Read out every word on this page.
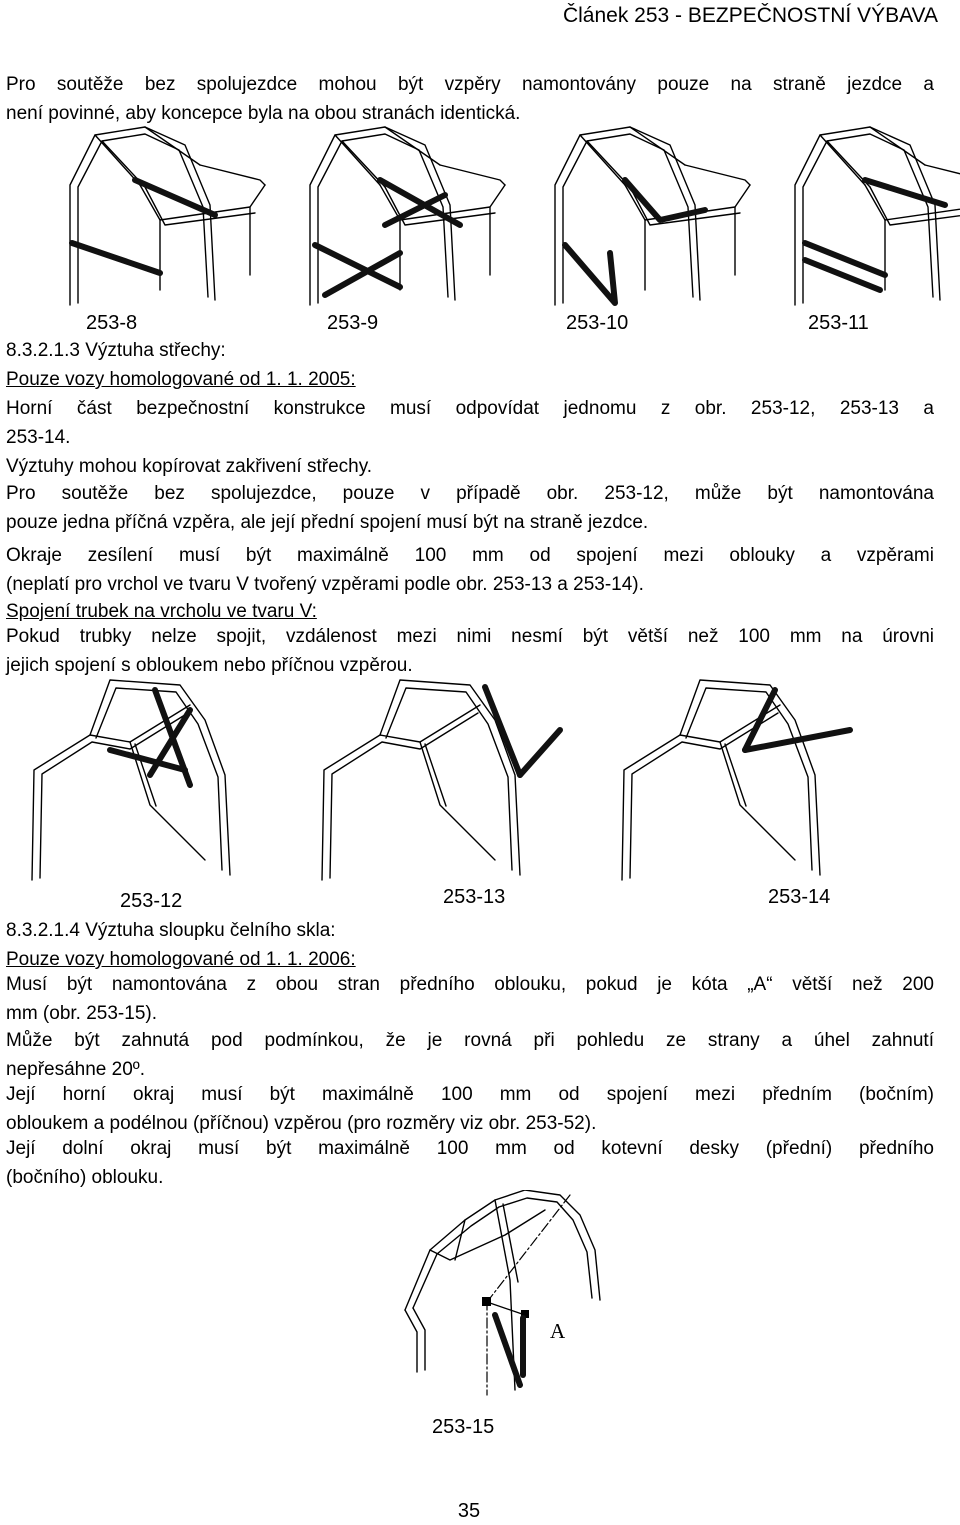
Článek 253 - BEZPEČNOSTNÍ VÝBAVA
Pro soutěže bez spolujezdce mohou být vzpěry namontovány pouze na straně jezdce a
není povinné, aby koncepce byla na obou stranách identická.
253-8	253-9	253-10	253-11
8.3.2.1.3 Výztuha střechy:
Pouze vozy homologované od 1. 1. 2005:
Horní část bezpečnostní konstrukce musí odpovídat jednomu z obr. 253-12, 253-13 a
253-14.
Výztuhy mohou kopírovat zakřivení střechy.
Pro soutěže bez spolujezdce, pouze v případě obr. 253-12, může být namontována
pouze jedna příčná vzpěra, ale její přední spojení musí být na straně jezdce.
Okraje zesílení musí být maximálně 100 mm od spojení mezi oblouky a vzpěrami
(neplatí pro vrchol ve tvaru V tvořený vzpěrami podle obr. 253-13 a 253-14).
Spojení trubek na vrcholu ve tvaru V:
Pokud trubky nelze spojit, vzdálenost mezi nimi nesmí být větší než 100 mm na úrovni
jejich spojení s obloukem nebo příčnou vzpěrou.
253-12	253-13	253-14
8.3.2.1.4 Výztuha sloupku čelního skla:
Pouze vozy homologované od 1. 1. 2006:
Musí být namontována z obou stran předního oblouku, pokud je kóta „A“ větší než 200
mm (obr. 253-15).
Může být zahnutá pod podmínkou, že je rovná při pohledu ze strany a úhel zahnutí
nepřesáhne 20º.
Její horní okraj musí být maximálně 100 mm od spojení mezi předním (bočním)
obloukem a podélnou (příčnou) vzpěrou (pro rozměry viz obr. 253-52).
Její dolní okraj musí být maximálně 100 mm od kotevní desky (přední) předního
(bočního) oblouku.
A
253-15
35
